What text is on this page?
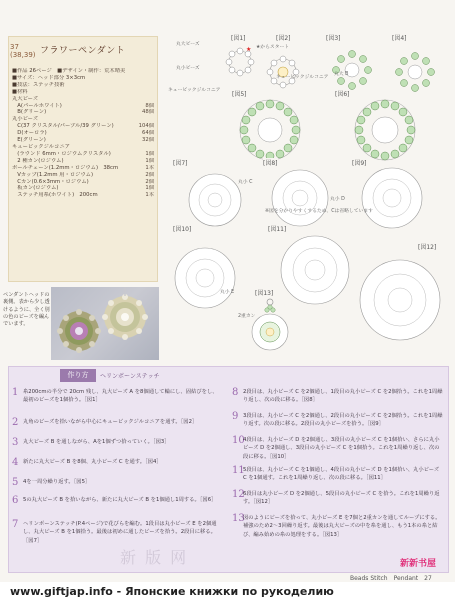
37
(38,39) フラワーペンダント
■作品 26ページ　■デザイン・制作：荒木晴美
■サイズ：ヘッド部分 3×3cm
■技法：ステッチ技術
■材料
丸大ビーズ
　A(パールホワイト)	8個
　B(グリーン)	48個
丸小ビーズ
　C(37 クリスタル/パープル/39 グリーン)	104個
　D(オーロラ)	64個
　E(グリーン)	32個
キュービックジルコニア
　(ラウンド 6mm・ロジウムクリスタル)	1個
　2 種カン(ロジウム)	1個
ボールチェーン(1.2mm・ロジウム)　38cm	1本
　Vカップ(1.2mm 用・ロジウム)	2個
　Cカン(0.6×3mm・ロジウム)	2個
　板カン(ロジウム)	1個
　ステッチ用糸(ホワイト)　200cm	1本
ペンダントヘッドの裏側。表から少し透けるように、全く別の色のビーズを編んでいます。
★
[図1]	[図2]	[図3]	[図4]
[図5]	[図6]
[図7]	[図8]	[図9]
[図10]	[図11]
[図12]
[図13]
丸大ビーズ
丸小ビーズ
キュービックジルコニア
★からスタート
キュービックジルコニア
丸大 B
丸小 C
丸小 D
丸小 E
2重カン
※図を分かりやすくするため、Cは省略しています
作り方	ヘリンボーンステッチ
1 糸200cmの半分で 20cm 残し、丸大ビーズ A を8個通して輪にし、固結びをし、最初のビーズを1個拾う。［図1］
2 丸角のビーズを拾いながら中心にキュービックジルコニアを通す。［図2］
3 丸大ビーズ B を通しながら、Aを1個ずつ拾っていく。［図3］
4 新たに丸大ビーズ B を8個、丸小ビーズ C を通す。［図4］
5 4を一周分繰り返す。［図5］
6 5の丸大ビーズ B を拾いながら、新たに丸大ビーズ B を1個通し1周する。［図6］
7 ヘリンボーンステッチ(P.4ページ)で花びらを編む。1段目は丸小ビーズ E を2個通し、丸大ビーズ B を1個拾う。最後は初めに通したビーズを拾う。2段目に移る。［図7］
8 2段目は、丸小ビーズ C を2個通し、1段目の丸小ビーズ C を2個拾う。これを1周繰り返し、次の段に移る。［図8］
9 3段目は、丸小ビーズ C を2個通し、2段目の丸小ビーズ C を2個拾う。これを1周繰り返す。次の段に移る。2段目の丸小ビーズを拾う。［図9］
10
4段目は、丸小ビーズ D を2個通し、3段目の丸小ビーズ C を1個拾い、さらに丸小ビーズ D を2個通し、3段目の丸小ビーズ C を1個拾う。これを1周繰り返し、次の段に移る。［図10］
11
5段目は、丸小ビーズ C を1個通し、4段目の丸小ビーズ D を1個拾い、丸小ビーズ C を1個通す。これを1周繰り返し、次の段に移る。［図11］
12
6段目は丸小ビーズ D を2個通し、5段目の丸小ビーズ C を拾う。これを1周繰り返す。［図12］
13
図のようにビーズを拾って、丸小ビーズ E を7個と2重カンを通してループにする。補強のため2～3回繰り返す。最後は丸大ビーズの中を糸を通し、もう1本の糸と結び、編み始めの糸の処理をする。［図13］
新 版 网
Beads Stitch　Pendant　27
新新书屋
www.giftjap.info - Японские книжки по рукоделию
